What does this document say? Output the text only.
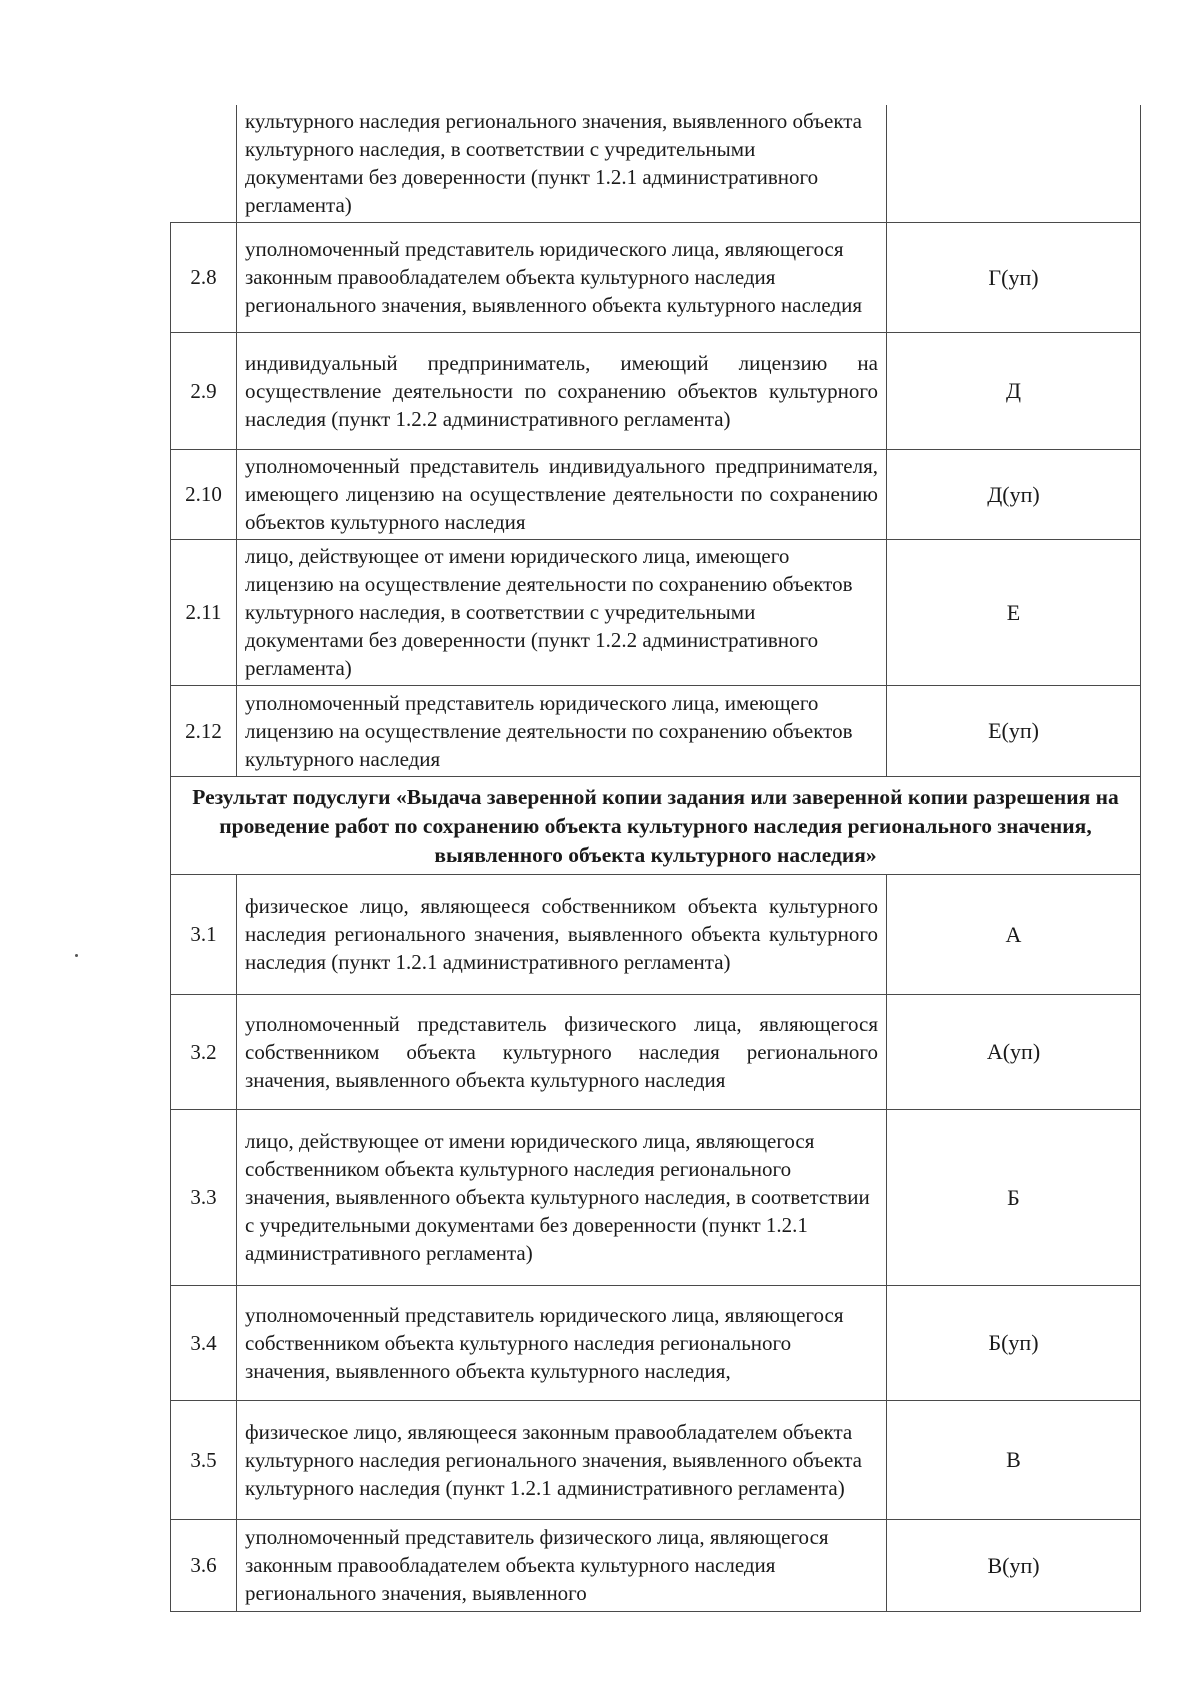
	культурного наследия регионального значения, выявленного объекта культурного наследия, в соответствии с учредительными документами без доверенности (пункт 1.2.1 административного регламента)	
2.8	уполномоченный представитель юридического лица, являющегося законным правообладателем объекта культурного наследия регионального значения, выявленного объекта культурного наследия	Г(уп)
2.9	индивидуальный предприниматель, имеющий лицензию на осуществление деятельности по сохранению объектов культурного наследия (пункт 1.2.2 административного регламента)	Д
2.10	уполномоченный представитель индивидуального предпринимателя, имеющего лицензию на осуществление деятельности по сохранению объектов культурного наследия	Д(уп)
2.11	лицо, действующее от имени юридического лица, имеющего лицензию на осуществление деятельности по сохранению объектов культурного наследия, в соответствии с учредительными документами без доверенности (пункт 1.2.2 административного регламента)	Е
2.12	уполномоченный представитель юридического лица, имеющего лицензию на осуществление деятельности по сохранению объектов культурного наследия	Е(уп)
Результат подуслуги «Выдача заверенной копии задания или заверенной копии разрешения на проведение работ по сохранению объекта культурного наследия регионального значения, выявленного объекта культурного наследия»		
3.1	физическое лицо, являющееся собственником объекта культурного наследия регионального значения, выявленного объекта культурного наследия (пункт 1.2.1 административного регламента)	А
3.2	уполномоченный представитель физического лица, являющегося собственником объекта культурного наследия регионального значения, выявленного объекта культурного наследия	А(уп)
3.3	лицо, действующее от имени юридического лица, являющегося собственником объекта культурного наследия регионального значения, выявленного объекта культурного наследия, в соответствии с учредительными документами без доверенности (пункт 1.2.1 административного регламента)	Б
3.4	уполномоченный представитель юридического лица, являющегося собственником объекта культурного наследия регионального значения, выявленного объекта культурного наследия,	Б(уп)
3.5	физическое лицо, являющееся законным правообладателем объекта культурного наследия регионального значения, выявленного объекта культурного наследия (пункт 1.2.1 административного регламента)	В
3.6	уполномоченный представитель физического лица, являющегося законным правообладателем объекта культурного наследия регионального значения, выявленного	В(уп)
